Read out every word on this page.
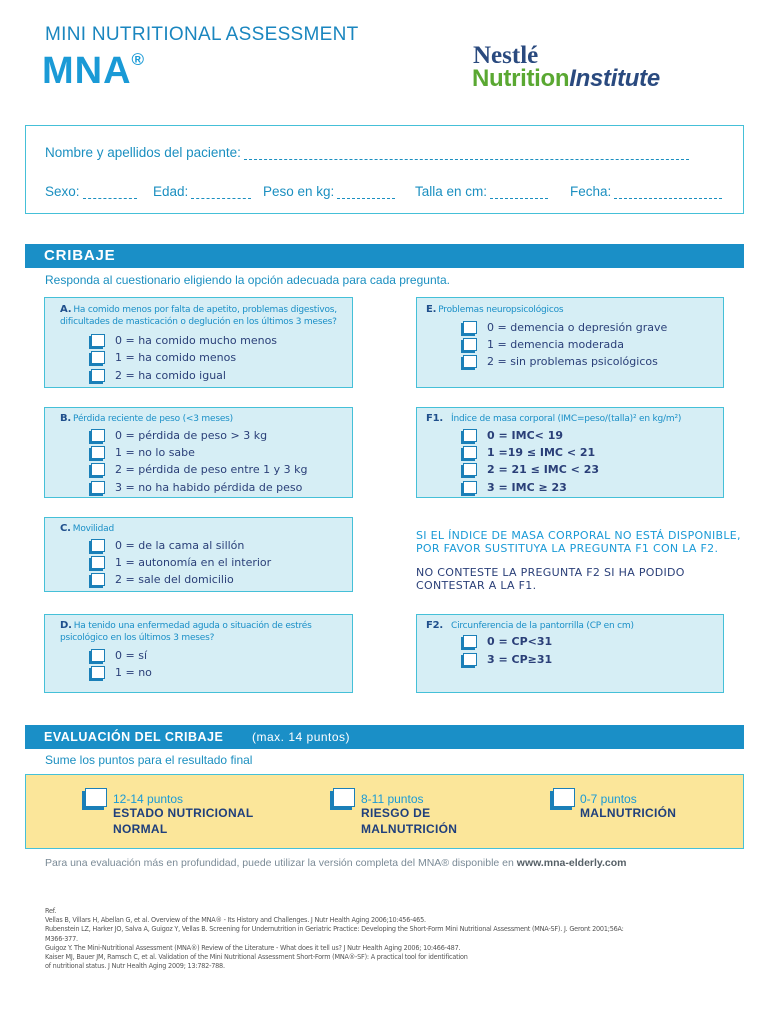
MINI NUTRITIONAL ASSESSMENT
MNA®	Nestlé
NutritionInstitute
Nombre y apellidos del paciente:
Sexo:	Edad:	Peso en kg:	Talla en cm:	Fecha:
CRIBAJE
Responda al cuestionario eligiendo la opción adecuada para cada pregunta.
A. Ha comido menos por falta de apetito, problemas digestivos,
dificultades de masticación o deglución en los últimos 3 meses?
0 = ha comido mucho menos
1 = ha comido menos
2 = ha comido igual
E. Problemas neuropsicológicos
0 = demencia o depresión grave
1 = demencia moderada
2 = sin problemas psicológicos
B. Pérdida reciente de peso (<3 meses)
0 = pérdida de peso > 3 kg
1 = no lo sabe
2 = pérdida de peso entre 1 y 3 kg
3 = no ha habido pérdida de peso
F1. Índice de masa corporal (IMC=peso/(talla)² en kg/m²)
0 = IMC< 19
1 =19 ≤ IMC < 21
2 = 21 ≤ IMC < 23
3 = IMC ≥ 23
C. Movilidad
0 = de la cama al sillón
1 = autonomía en el interior
2 = sale del domicilio
SI EL ÍNDICE DE MASA CORPORAL NO ESTÁ DISPONIBLE,
POR FAVOR SUSTITUYA LA PREGUNTA F1 CON LA F2.
NO CONTESTE LA PREGUNTA F2 SI HA PODIDO
CONTESTAR A LA F1.
D. Ha tenido una enfermedad aguda o situación de estrés
psicológico en los últimos 3 meses?
0 = sí
1 = no
F2. Circunferencia de la pantorrilla (CP en cm)
0 = CP<31
3 = CP≥31
EVALUACIÓN DEL CRIBAJE (max. 14 puntos)
Sume los puntos para el resultado final
12-14 puntos
ESTADO NUTRICIONAL
NORMAL
8-11 puntos
RIESGO DE
MALNUTRICIÓN
0-7 puntos
MALNUTRICIÓN
Para una evaluación más en profundidad, puede utilizar la versión completa del MNA® disponible en www.mna-elderly.com
Ref.
Vellas B, Villars H, Abellan G, et al. Overview of the MNA® - Its History and Challenges. J Nutr Health Aging 2006;10:456-465.
Rubenstein LZ, Harker JO, Salva A, Guigoz Y, Vellas B. Screening for Undernutrition in Geriatric Practice: Developing the Short-Form Mini Nutritional Assessment (MNA-SF). J. Geront 2001;56A:
M366-377.
Guigoz Y. The Mini-Nutritional Assessment (MNA®) Review of the Literature - What does it tell us? J Nutr Health Aging 2006; 10:466-487.
Kaiser MJ, Bauer JM, Ramsch C, et al. Validation of the Mini Nutritional Assessment Short-Form (MNA®-SF): A practical tool for identification
of nutritional status. J Nutr Health Aging 2009; 13:782-788.
